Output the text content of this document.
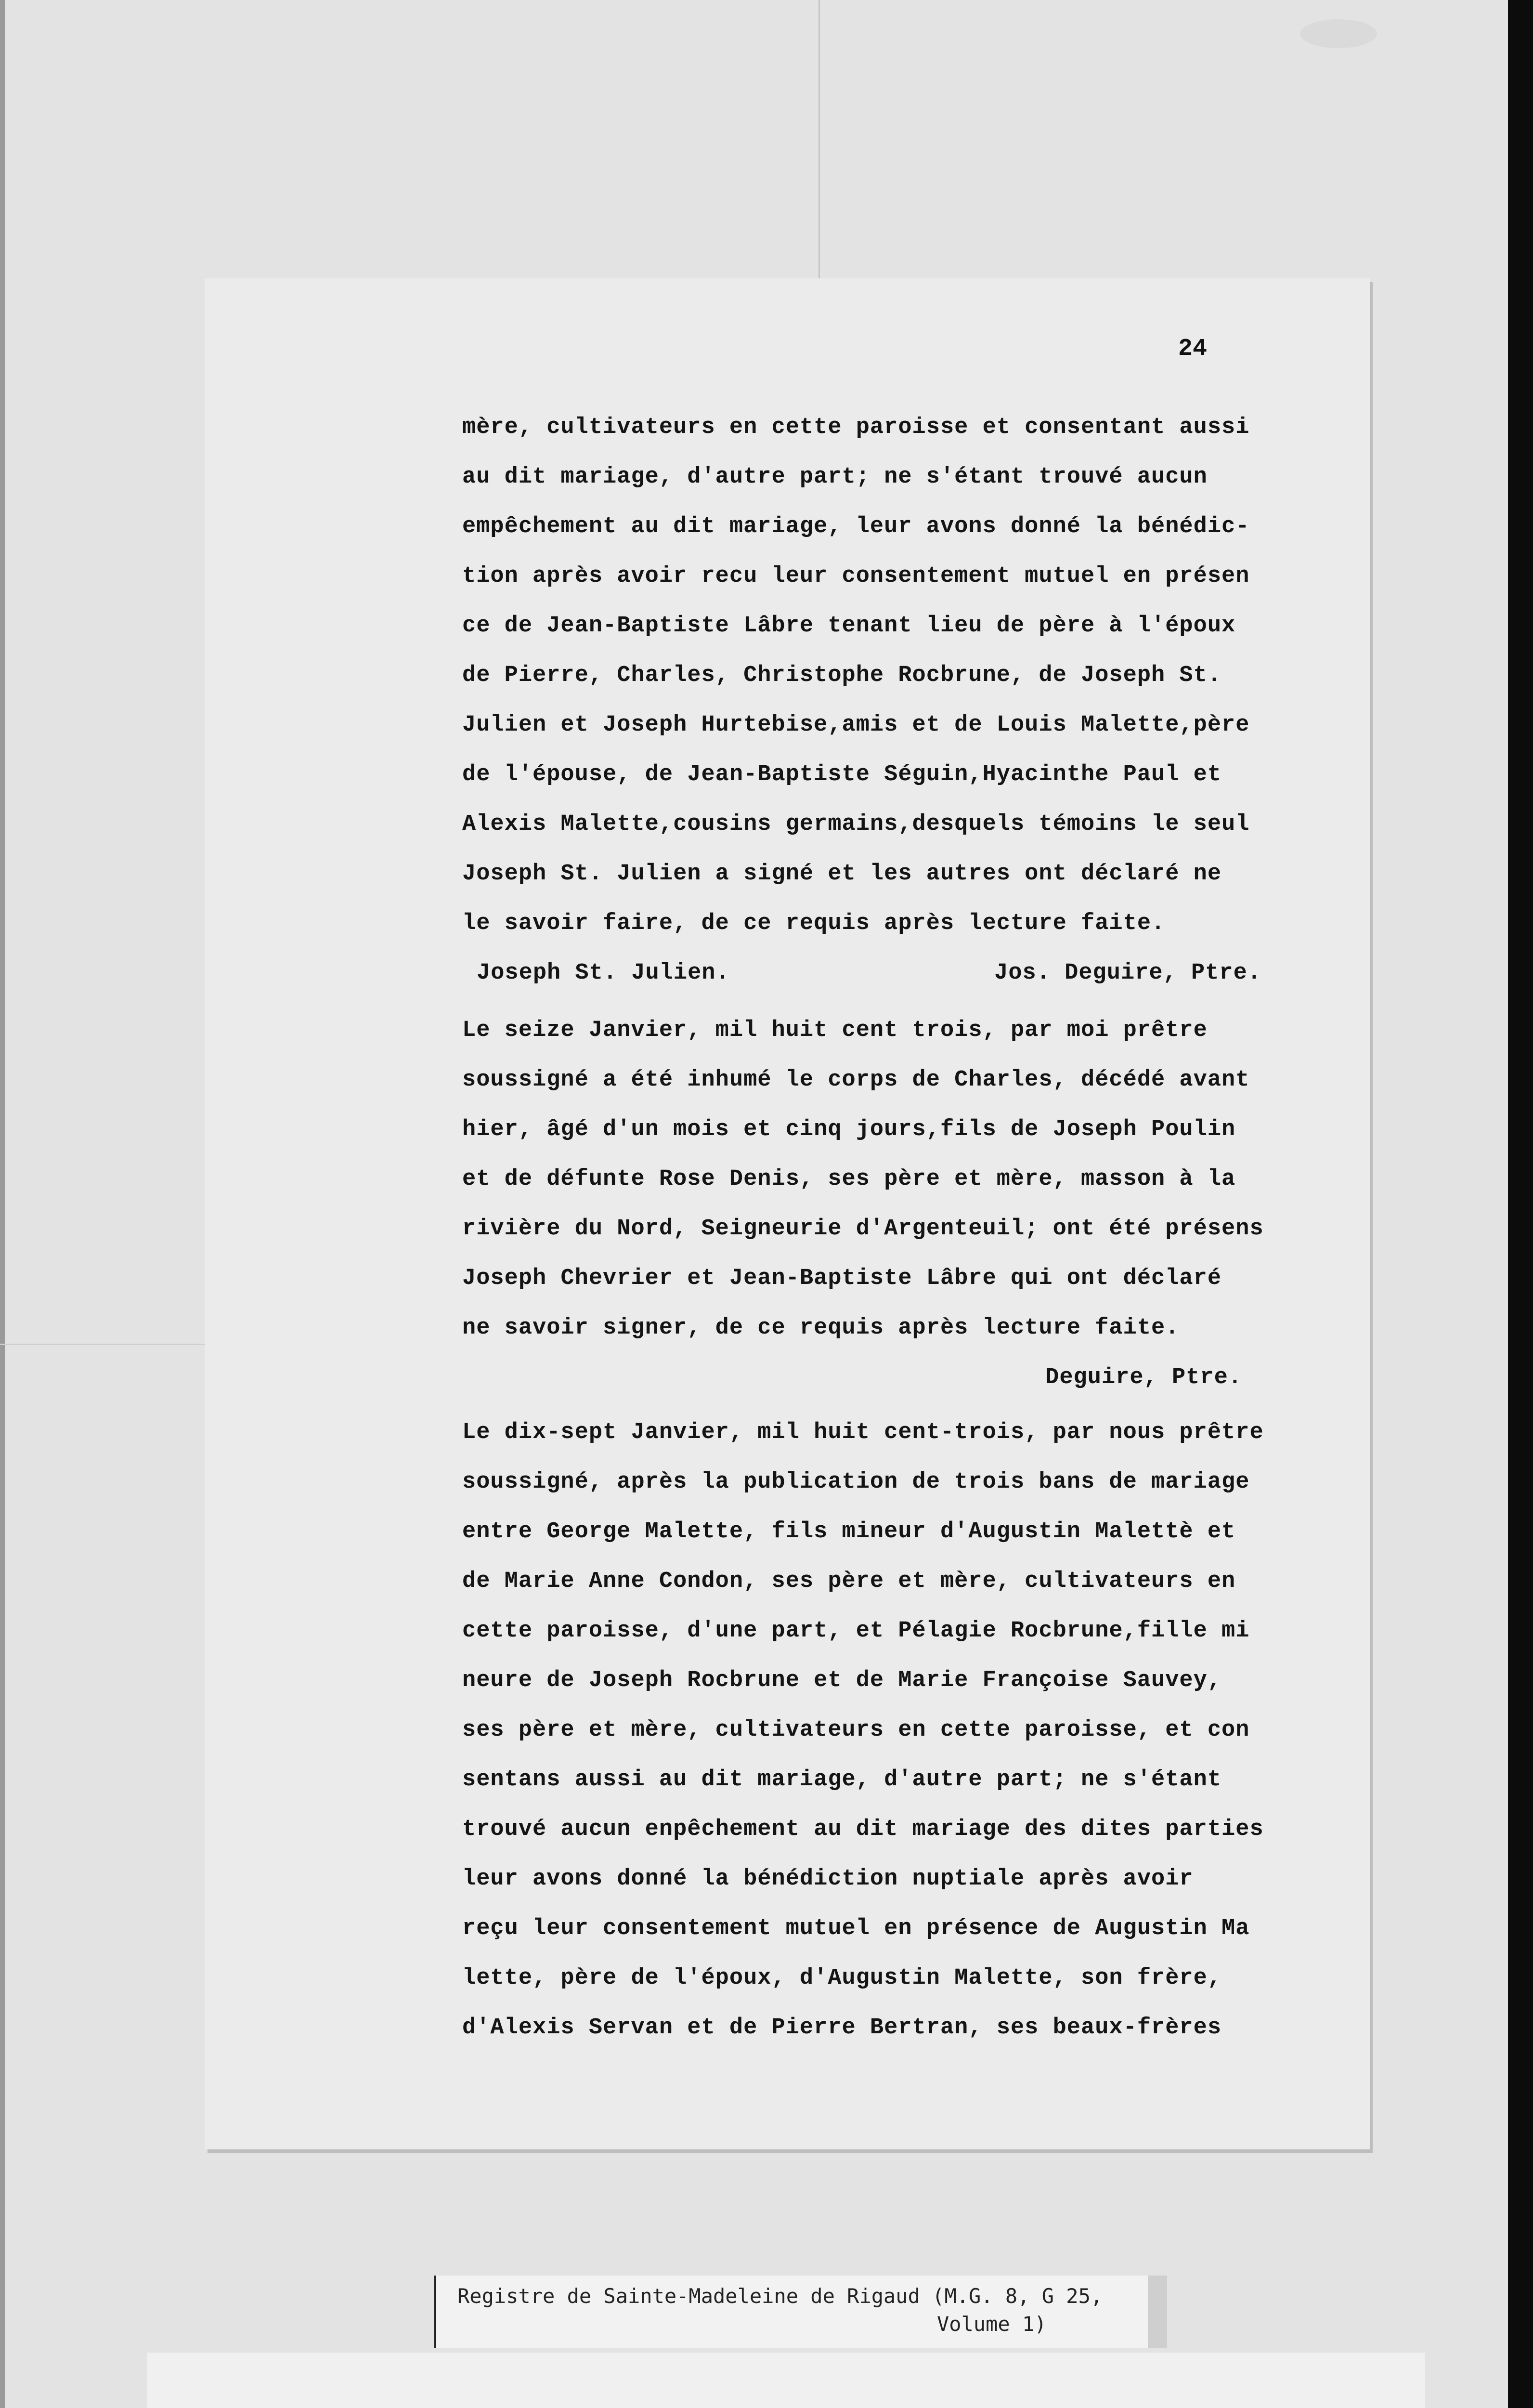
24
mère, cultivateurs en cette paroisse et consentant aussi
au dit mariage, d'autre part; ne s'étant trouvé aucun
empêchement au dit mariage, leur avons donné la bénédic-
tion après avoir recu leur consentement mutuel en présen
ce de Jean-Baptiste Lâbre tenant lieu de père à l'époux
de Pierre, Charles, Christophe Rocbrune, de Joseph St.
Julien et Joseph Hurtebise,amis et de Louis Malette,père
de l'épouse, de Jean-Baptiste Séguin,Hyacinthe Paul et
Alexis Malette,cousins germains,desquels témoins le seul
Joseph St. Julien a signé et les autres ont déclaré ne
le savoir faire, de ce requis après lecture faite.
Joseph St. Julien.	Jos. Deguire, Ptre.
Le seize Janvier, mil huit cent trois, par moi prêtre
soussigné a été inhumé le corps de Charles, décédé avant
hier, âgé d'un mois et cinq jours,fils de Joseph Poulin
et de défunte Rose Denis, ses père et mère, masson à la
rivière du Nord, Seigneurie d'Argenteuil; ont été présens
Joseph Chevrier et Jean-Baptiste Lâbre qui ont déclaré
ne savoir signer, de ce requis après lecture faite.
Deguire, Ptre.
Le dix-sept Janvier, mil huit cent-trois, par nous prêtre
soussigné, après la publication de trois bans de mariage
entre George Malette, fils mineur d'Augustin Malettè et
de Marie Anne Condon, ses père et mère, cultivateurs en
cette paroisse, d'une part, et Pélagie Rocbrune,fille mi
neure de Joseph Rocbrune et de Marie Françoise Sauvey,
ses père et mère, cultivateurs en cette paroisse, et con
sentans aussi au dit mariage, d'autre part; ne s'étant
trouvé aucun enpêchement au dit mariage des dites parties
leur avons donné la bénédiction nuptiale après avoir
reçu leur consentement mutuel en présence de Augustin Ma
lette, père de l'époux, d'Augustin Malette, son frère,
d'Alexis Servan et de Pierre Bertran, ses beaux-frères
Registre de Sainte-Madeleine de Rigaud (M.G. 8, G 25,
Volume 1)
